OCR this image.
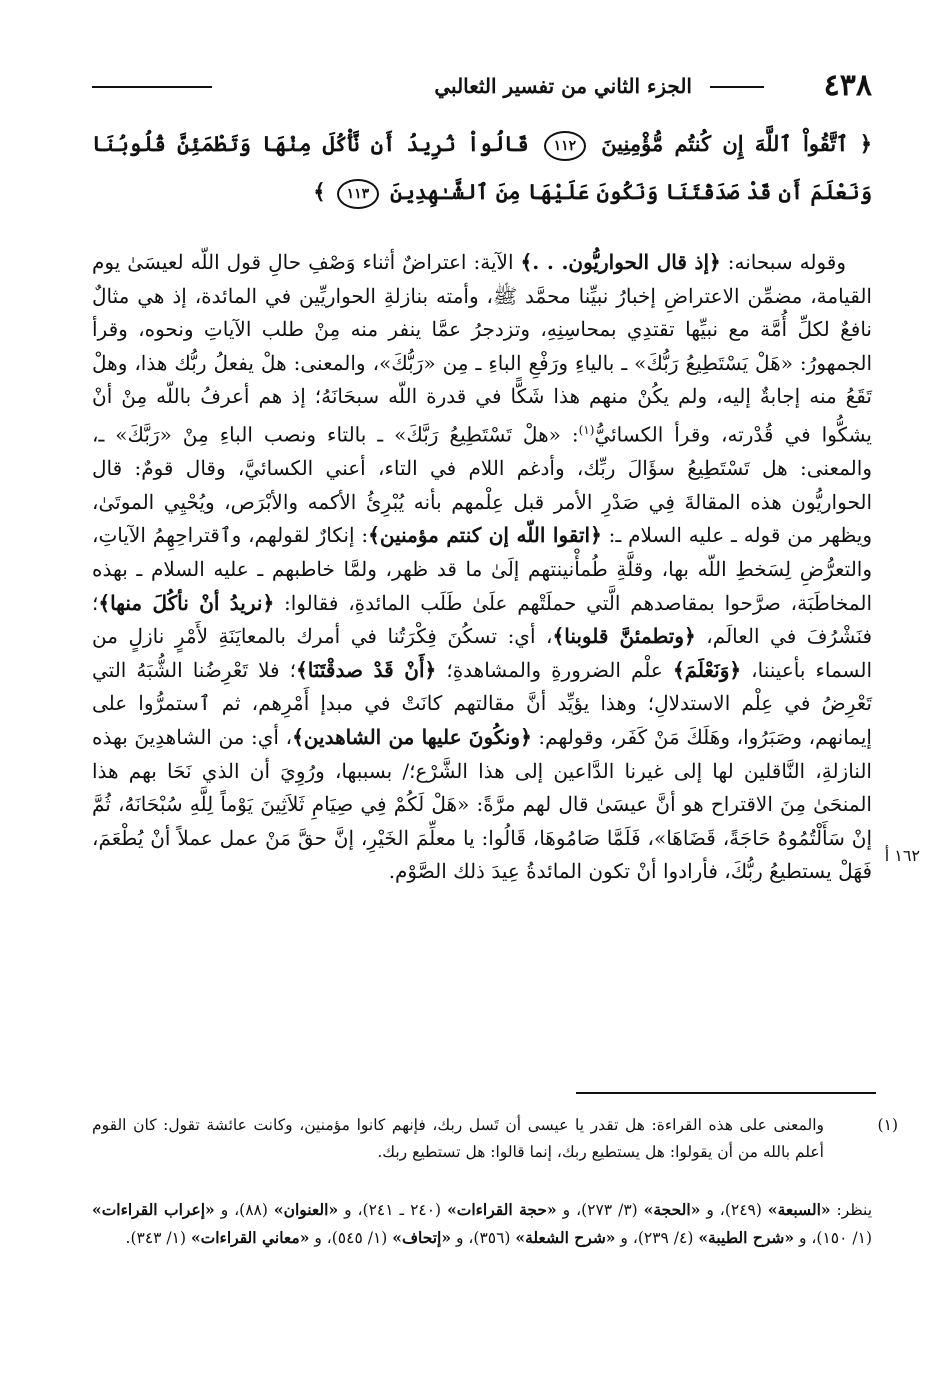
٤٣٨
الجزء الثاني من تفسير الثعالبي
﴿ ٱتَّقُواْ ٱللَّهَ إِن كُنتُم مُّؤْمِنِينَ ١١٢ قَالُواْ نُرِيدُ أَن نَّأْكُلَ مِنْهَا وَتَطْمَئِنَّ قُلُوبُنَا وَنَعْلَمَ أَن قَدْ صَدَقْتَنَا وَنَكُونَ عَلَيْهَا مِنَ ٱلشَّـٰهِدِينَ ١١٣ ﴾

وقوله سبحانه: ﴿إذ قال الحواريُّون. . .﴾ الآية: اعتراضٌ أثناء وَصْفِ حالِ قول اللّه لعيسَىٰ يوم القيامة، مضمِّن الاعتراضِ إخبارُ نبيِّنا محمَّد ﷺ، وأمته بنازلةِ الحواريِّين في المائدة، إذ هي مثالٌ نافعٌ لكلِّ أُمَّة مع نبيِّها تقتدِي بمحاسِنِهِ، وتزدجرُ عمَّا ينفر منه مِنْ طلب الآياتِ ونحوه، وقرأ الجمهورُ: «هَلْ يَسْتَطِيعُ رَبُّكَ» ـ بالياءِ ورَفْعِ الباءِ ـ مِن «رَبُّكَ»، والمعنى: هلْ يفعلُ ربُّك هذا، وهلْ تَقَعُ منه إجابةٌ إليه، ولم يكُنْ منهم هذا شَكًّا في قدرة اللّه سبحَانَهُ؛ إذ هم أعرفُ باللّه مِنْ أنْ يشكُّوا في قُدْرته، وقرأ الكسائيُّ$^{(١)}$: «هلْ تَسْتَطِيعُ رَبَّكَ» ـ بالتاء ونصب الباءِ مِنْ «رَبَّكَ» ـ، والمعنى: هل تَسْتَطِيعُ سؤَالَ ربِّك، وأدغم اللام في التاء، أعني الكسائيَّ، وقال قومٌ: قال الحواريُّون هذه المقالةَ فِي صَدْرِ الأمر قبل عِلْمهم بأنه يُبْرِئُ الأكمه والأبْرَص، ويُحْيِي الموتَىٰ، ويظهر من قوله ـ عليه السلام ـ: ﴿اتقوا اللّه إن كنتم مؤمنين﴾: إنكارٌ لقولهم، وٱقتراحِهِمُ الآياتِ، والتعرُّضِ لِسَخطِ اللّه بها، وقلَّةِ طُمأْنينتهم إلَىٰ ما قد ظهر، ولمَّا خاطبهم ـ عليه السلام ـ بهذه المخاطَبَة، صرَّحوا بمقاصدهم الَّتي حملَتْهم علَىٰ طَلَب المائدةِ، فقالوا: ﴿نريدُ أنْ نأكُلَ منها﴾؛ فنَشْرُفَ في العالَم، ﴿وتطمئنَّ قلوبنا﴾، أي: تسكُنَ فِكْرَتُنا في أمرك بالمعايَنَةِ لأَمْرٍ نازلٍ من السماء بأعيننا، ﴿وَنَعْلَمَ﴾ علْم الضرورةِ والمشاهدةِ؛ ﴿أَنْ قَدْ صدقْتَنَا﴾؛ فلا تَعْرِضُنا الشُّبَهُ التي تَعْرِضُ في عِلْم الاستدلالِ؛ وهذا يؤيِّد أنَّ مقالتهم كانَتْ في مبدإ أَمْرِهم، ثم ٱستمرُّوا على إيمانهم، وصَبَرُوا، وهَلَكَ مَنْ كَفَر، وقولهم: ﴿ونكُونَ عليها من الشاهدين﴾، أي: من الشاهدِينَ بهذه النازلةِ، النَّاقلين لها إلى غيرنا الدَّاعين إلى هذا الشَّرْع؛/ بسببها، ورُوِيَ أن الذي نَحَا بهم هذا المنحَىٰ مِنَ الاقتراح هو أنَّ عيسَىٰ قال لهم مرَّةً: «هَلْ لَكُمْ فِي صِيَامِ ثَلاَثِينَ يَوْماً لِلَّهِ سُبْحَانَهُ، ثُمَّ إنْ سَأَلْتُمُوهُ حَاجَةً، قَضَاهَا»، فَلَمَّا صَامُوهَا، قَالُوا: يا معلِّمَ الخَيْرِ، إنَّ حقَّ مَنْ عمل عملاً أنْ يُطْعَمَ، فَهَلْ يستطيعُ ربُّكَ، فأرادوا أنْ تكون المائدةُ عِيدَ ذلك الصَّوْم.

١٦٢ أ
(١)

والمعنى على هذه القراءة: هل تقدر يا عيسى أن تَسل ربك، فإنهم كانوا مؤمنين، وكانت عائشة تقول: كان القوم أعلم بالله من أن يقولوا: هل يستطيع ربك، إنما قالوا: هل تستطيع ربك.

ينظر: «السبعة» (٢٤٩)، و «الحجة» (٣/ ٢٧٣)، و «حجة القراءات» (٢٤٠ ـ ٢٤١)، و «العنوان» (٨٨)، و «إعراب القراءات» (١/ ١٥٠)، و «شرح الطيبة» (٤/ ٢٣٩)، و «شرح الشعلة» (٣٥٦)، و «إتحاف» (١/ ٥٤٥)، و «معاني القراءات» (١/ ٣٤٣).
